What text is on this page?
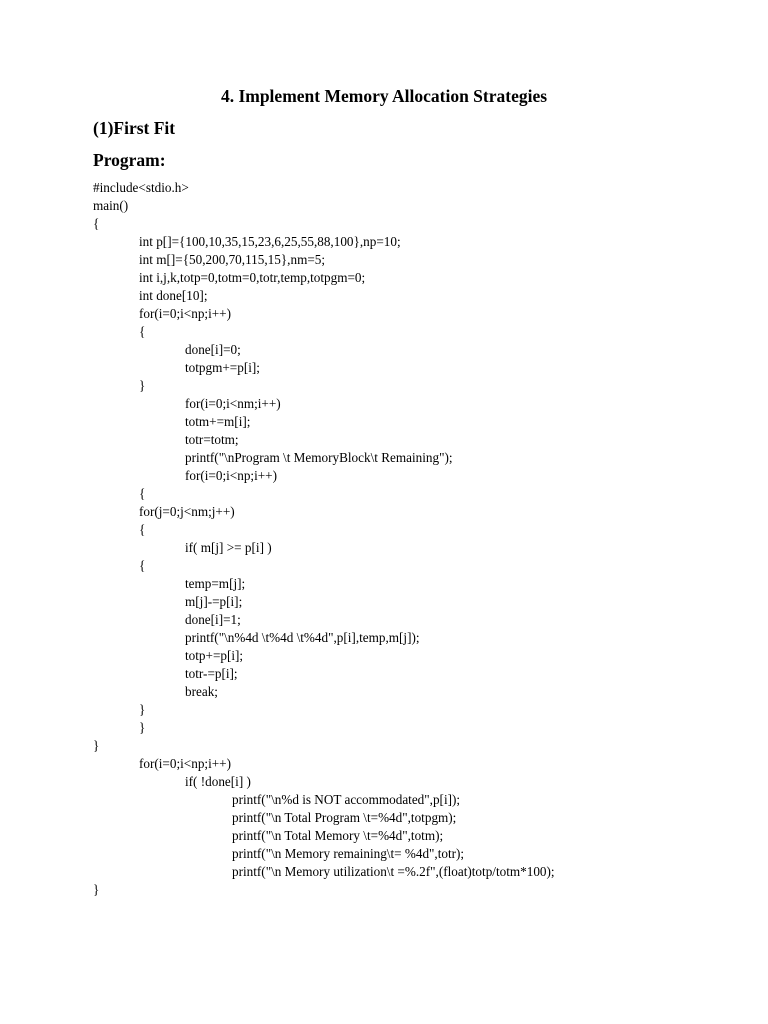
4. Implement Memory Allocation Strategies
(1)First Fit
Program:
#include<stdio.h>
main()
{
int p[]={100,10,35,15,23,6,25,55,88,100},np=10;
int m[]={50,200,70,115,15},nm=5;
int i,j,k,totp=0,totm=0,totr,temp,totpgm=0;
int done[10];
for(i=0;i<np;i++)
{
done[i]=0;
totpgm+=p[i];
}
for(i=0;i<nm;i++)
totm+=m[i];
totr=totm;
printf("\nProgram \t MemoryBlock\t Remaining");
for(i=0;i<np;i++)
{
for(j=0;j<nm;j++)
{
if( m[j] >= p[i] )
{
temp=m[j];
m[j]-=p[i];
done[i]=1;
printf("\n%4d \t%4d \t%4d",p[i],temp,m[j]);
totp+=p[i];
totr-=p[i];
break;
}
}
}
for(i=0;i<np;i++)
if( !done[i] )
printf("\n%d is NOT accommodated",p[i]);
printf("\n Total Program \t=%4d",totpgm);
printf("\n Total Memory \t=%4d",totm);
printf("\n Memory remaining\t= %4d",totr);
printf("\n Memory utilization\t =%.2f",(float)totp/totm*100);
}
